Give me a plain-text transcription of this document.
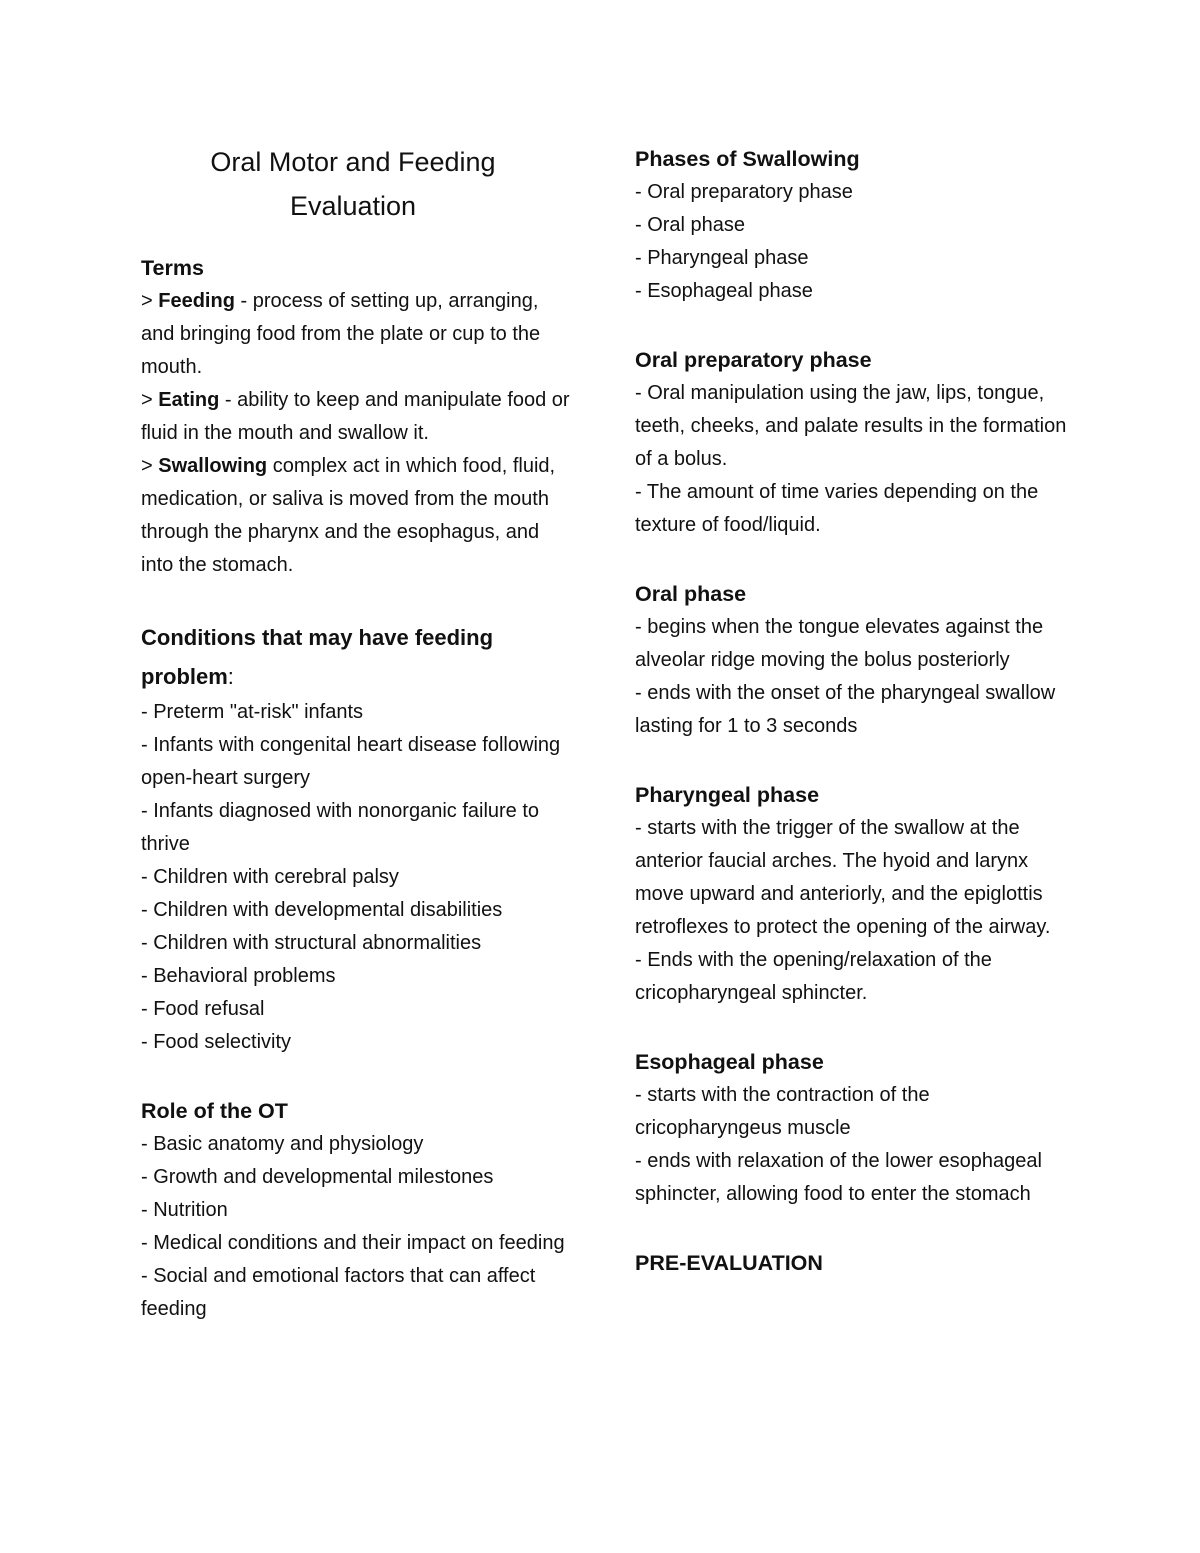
Oral Motor and Feeding
Evaluation

Terms

> Feeding - process of setting up, arranging, and bringing food from the plate or cup to the mouth.

> Eating - ability to keep and manipulate food or fluid in the mouth and swallow it.

> Swallowing complex act in which food, fluid, medication, or saliva is moved from the mouth through the pharynx and the esophagus, and into the stomach.

Conditions that may have feeding problem:

- Preterm "at-risk" infants

- Infants with congenital heart disease following open-heart surgery

- Infants diagnosed with nonorganic failure to thrive

- Children with cerebral palsy

- Children with developmental disabilities

- Children with structural abnormalities

- Behavioral problems

- Food refusal

- Food selectivity

Role of the OT

- Basic anatomy and physiology

- Growth and developmental milestones

- Nutrition

- Medical conditions and their impact on feeding

- Social and emotional factors that can affect feeding

Phases of Swallowing

- Oral preparatory phase

- Oral phase

- Pharyngeal phase

- Esophageal phase

Oral preparatory phase

- Oral manipulation using the jaw, lips, tongue, teeth, cheeks, and palate results in the formation of a bolus.

- The amount of time varies depending on the texture of food/liquid.

Oral phase

- begins when the tongue elevates against the alveolar ridge moving the bolus posteriorly

- ends with the onset of the pharyngeal swallow lasting for 1 to 3 seconds

Pharyngeal phase

- starts with the trigger of the swallow at the anterior faucial arches. The hyoid and larynx move upward and anteriorly, and the epiglottis retroflexes to protect the opening of the airway.

- Ends with the opening/relaxation of the cricopharyngeal sphincter.

Esophageal phase

- starts with the contraction of the cricopharyngeus muscle

- ends with relaxation of the lower esophageal sphincter, allowing food to enter the stomach

PRE-EVALUATION
